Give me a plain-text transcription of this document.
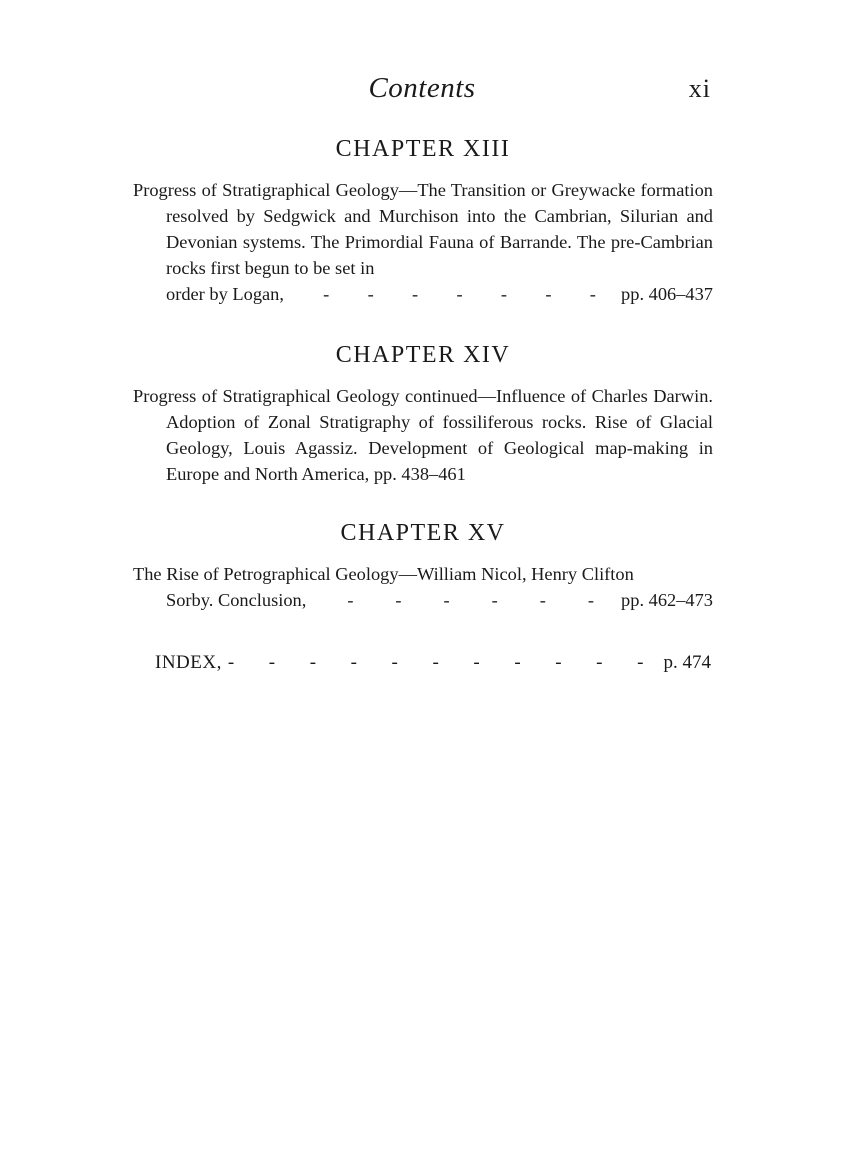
Contents	xi
CHAPTER XIII
Progress of Stratigraphical Geology—The Transition or Greywacke formation resolved by Sedgwick and Murchison into the Cambrian, Silurian and Devonian systems. The Primordial Fauna of Barrande. The pre-Cambrian rocks first begun to be set in
order by Logan, - - - - - - - pp. 406–437
CHAPTER XIV
Progress of Stratigraphical Geology continued—Influence of Charles Darwin. Adoption of Zonal Stratigraphy of fossiliferous rocks. Rise of Glacial Geology, Louis Agassiz. Development of Geological map-making in Europe and North America, pp. 438–461
CHAPTER XV
The Rise of Petrographical Geology—William Nicol, Henry Clifton
Sorby. Conclusion, - - - - - - pp. 462–473
INDEX, - - - - - - - - - - - p. 474
